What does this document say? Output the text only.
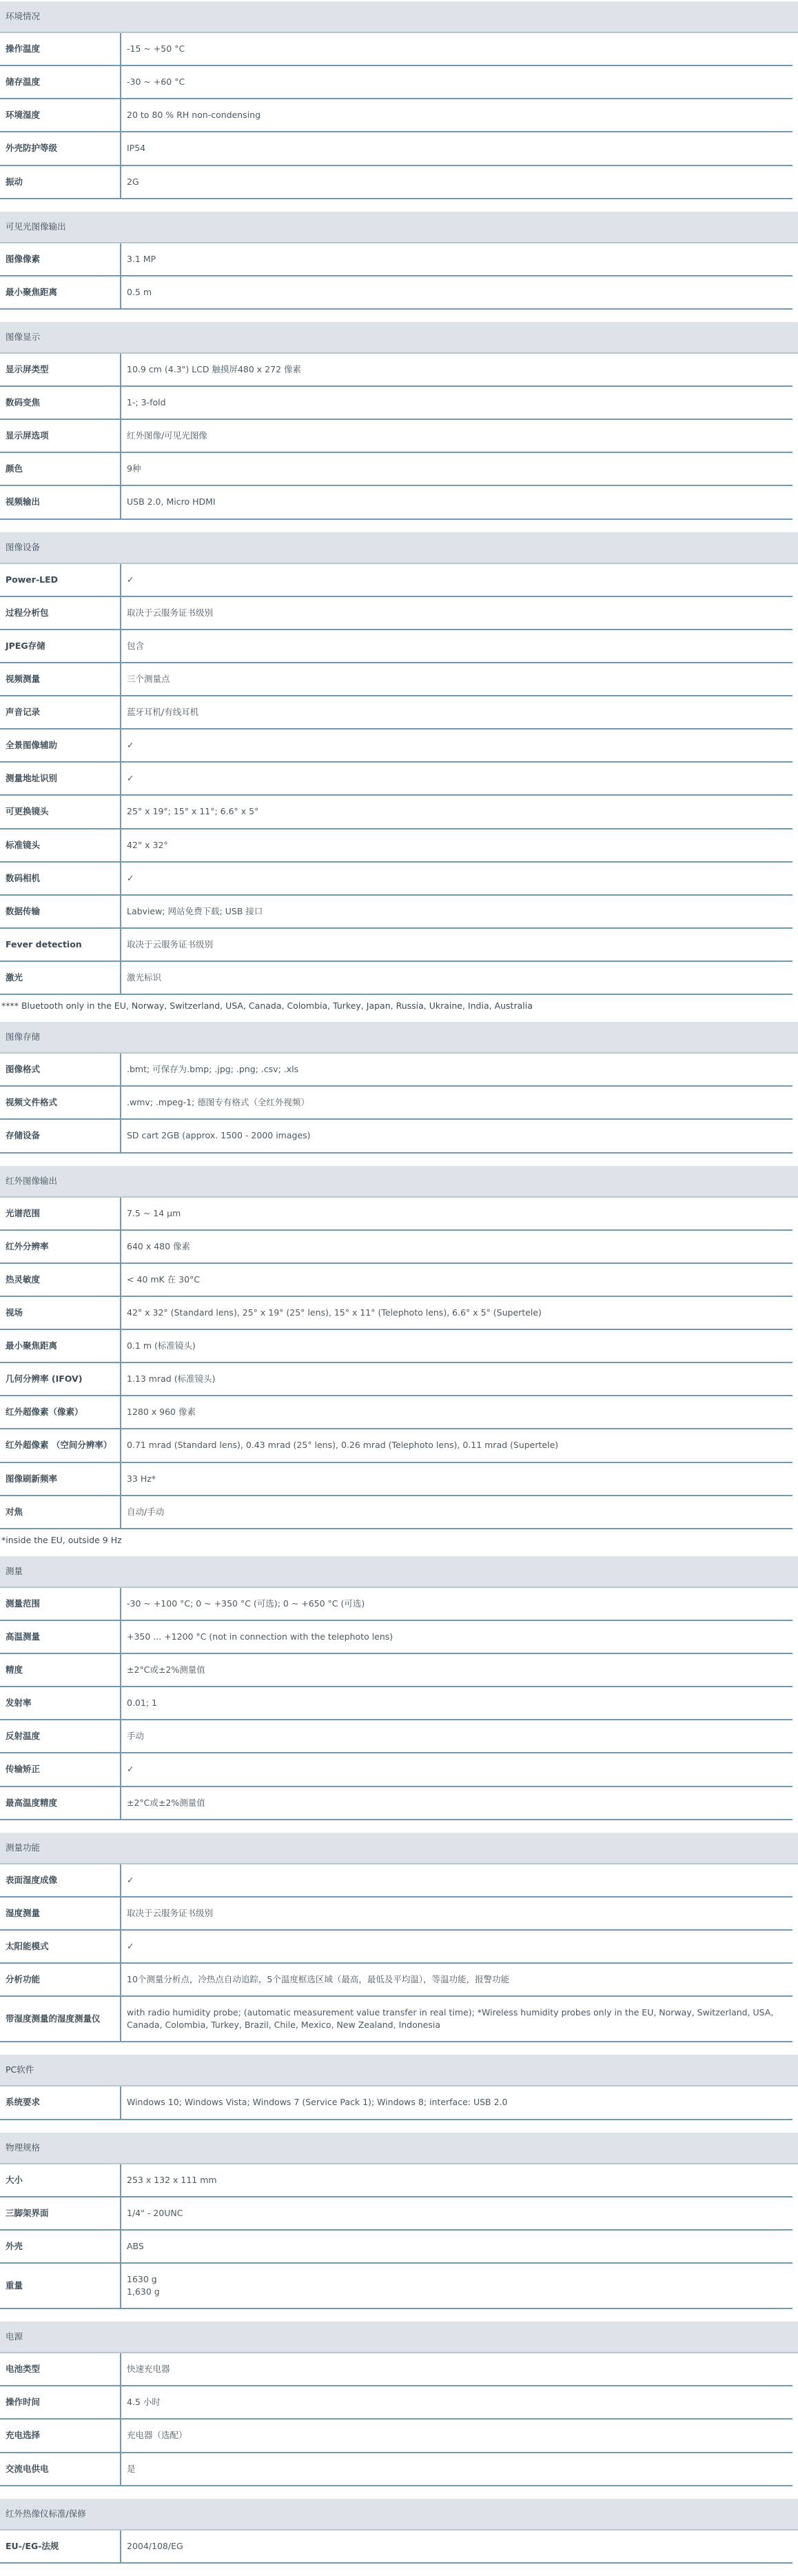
环境情况
操作温度	-15 ~ +50 °C
储存温度	-30 ~ +60 °C
环境湿度	20 to 80 % RH non-condensing
外壳防护等级	IP54
振动	2G
可见光图像输出
图像像素	3.1 MP
最小聚焦距离	0.5 m
图像显示
显示屏类型	10.9 cm (4.3") LCD 触摸屏480 x 272 像素
数码变焦	1-; 3-fold
显示屏选项	红外图像/可见光图像
颜色	9种
视频输出	USB 2.0, Micro HDMI
图像设备
Power-LED	✓
过程分析包	取决于云服务证书级别
JPEG存储	包含
视频测量	三个测量点
声音记录	蓝牙耳机/有线耳机
全景图像辅助	✓
测量地址识别	✓
可更换镜头	25° x 19°; 15° x 11°; 6.6° x 5°
标准镜头	42° x 32°
数码相机	✓
数据传输	Labview; 网站免费下载; USB 接口
Fever detection	取决于云服务证书级别
激光	激光标识
**** Bluetooth only in the EU, Norway, Switzerland, USA, Canada, Colombia, Turkey, Japan, Russia, Ukraine, India, Australia
图像存储
图像格式	.bmt; 可保存为.bmp; .jpg; .png; .csv; .xls
视频文件格式	.wmv; .mpeg-1; 德图专有格式（全红外视频）
存储设备	SD cart 2GB (approx. 1500 - 2000 images)
红外图像输出
光谱范围	7.5 ~ 14 µm
红外分辨率	640 x 480 像素
热灵敏度	< 40 mK 在 30°C
视场	42° x 32° (Standard lens), 25° x 19° (25° lens), 15° x 11° (Telephoto lens), 6.6° x 5° (Supertele)
最小聚焦距离	0.1 m (标准镜头)
几何分辨率 (IFOV)	1.13 mrad (标准镜头)
红外超像素（像素）	1280 x 960 像素
红外超像素 （空间分辨率）	0.71 mrad (Standard lens), 0.43 mrad (25° lens), 0.26 mrad (Telephoto lens), 0.11 mrad (Supertele)
图像刷新频率	33 Hz*
对焦	自动/手动
*inside the EU, outside 9 Hz
测量
测量范围	-30 ~ +100 °C; 0 ~ +350 °C (可选); 0 ~ +650 °C (可选)
高温测量	+350 ... +1200 °C (not in connection with the telephoto lens)
精度	±2°C或±2%测量值
发射率	0.01; 1
反射温度	手动
传输矫正	✓
最高温度精度	±2°C或±2%测量值
测量功能
表面湿度成像	✓
湿度测量	取决于云服务证书级别
太阳能模式	✓
分析功能	10个测量分析点，冷热点自动追踪，5个温度框选区域（最高，最低及平均温），等温功能，报警功能
带湿度测量的湿度测量仪	with radio humidity probe; (automatic measurement value transfer in real time); *Wireless humidity probes only in the EU, Norway, Switzerland, USA, Canada, Colombia, Turkey, Brazil, Chile, Mexico, New Zealand, Indonesia
PC软件
系统要求	Windows 10; Windows Vista; Windows 7 (Service Pack 1); Windows 8; interface: USB 2.0
物理规格
大小	253 x 132 x 111 mm
三脚架界面	1/4" - 20UNC
外壳	ABS
重量	1630 g
1,630 g
电源
电池类型	快速充电器
操作时间	4.5 小时
充电选择	充电器（选配）
交流电供电	是
红外热像仪标准/保修
EU-/EG-法规	2004/108/EG
